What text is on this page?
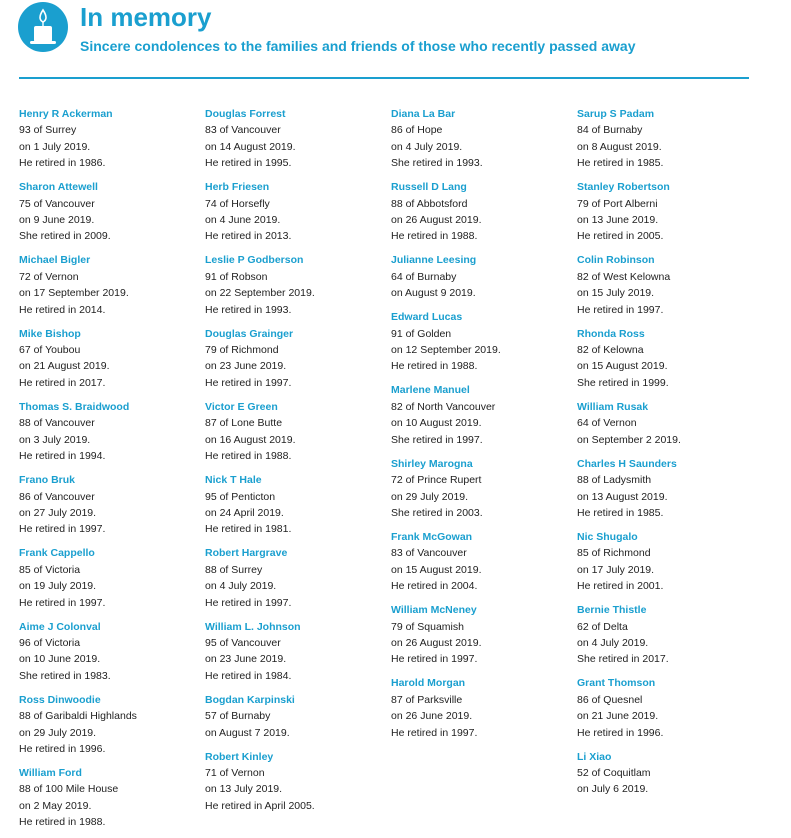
In memory
Sincere condolences to the families and friends of those who recently passed away
Henry R Ackerman
93 of Surrey
on 1 July 2019.
He retired in 1986.
Sharon Attewell
75 of Vancouver
on 9 June 2019.
She retired in 2009.
Michael Bigler
72 of Vernon
on 17 September 2019.
He retired in 2014.
Mike Bishop
67 of Youbou
on 21 August 2019.
He retired in 2017.
Thomas S. Braidwood
88 of Vancouver
on 3 July 2019.
He retired in 1994.
Frano Bruk
86 of Vancouver
on 27 July 2019.
He retired in 1997.
Frank Cappello
85 of Victoria
on 19 July 2019.
He retired in 1997.
Aime J Colonval
96 of Victoria
on 10 June 2019.
She retired in 1983.
Ross Dinwoodie
88 of Garibaldi Highlands
on 29 July 2019.
He retired in 1996.
William Ford
88 of 100 Mile House
on 2 May 2019.
He retired in 1988.
Douglas Forrest
83 of Vancouver
on 14 August 2019.
He retired in 1995.
Herb Friesen
74 of Horsefly
on 4 June 2019.
He retired in 2013.
Leslie P Godberson
91 of Robson
on 22 September 2019.
He retired in 1993.
Douglas Grainger
79 of Richmond
on 23 June 2019.
He retired in 1997.
Victor E Green
87 of Lone Butte
on 16 August 2019.
He retired in 1988.
Nick T Hale
95 of Penticton
on 24 April 2019.
He retired in 1981.
Robert Hargrave
88 of Surrey
on 4 July 2019.
He retired in 1997.
William L. Johnson
95 of Vancouver
on 23 June 2019.
He retired in 1984.
Bogdan Karpinski
57 of Burnaby
on August 7 2019.
Robert Kinley
71 of Vernon
on 13 July 2019.
He retired in April 2005.
Diana La Bar
86 of Hope
on 4 July 2019.
She retired in 1993.
Russell D Lang
88 of Abbotsford
on 26 August 2019.
He retired in 1988.
Julianne Leesing
64 of Burnaby
on August 9 2019.
Edward Lucas
91 of Golden
on 12 September 2019.
He retired in 1988.
Marlene Manuel
82 of North Vancouver
on 10 August 2019.
She retired in 1997.
Shirley Marogna
72 of Prince Rupert
on 29 July 2019.
She retired in 2003.
Frank McGowan
83 of Vancouver
on 15 August 2019.
He retired in 2004.
William McNeney
79 of Squamish
on 26 August 2019.
He retired in 1997.
Harold Morgan
87 of Parksville
on 26 June 2019.
He retired in 1997.
Sarup S Padam
84 of Burnaby
on 8 August 2019.
He retired in 1985.
Stanley Robertson
79 of Port Alberni
on 13 June 2019.
He retired in 2005.
Colin Robinson
82 of West Kelowna
on 15 July 2019.
He retired in 1997.
Rhonda Ross
82 of Kelowna
on 15 August 2019.
She retired in 1999.
William Rusak
64 of Vernon
on September 2 2019.
Charles H Saunders
88 of Ladysmith
on 13 August 2019.
He retired in 1985.
Nic Shugalo
85 of Richmond
on 17 July 2019.
He retired in 2001.
Bernie Thistle
62 of Delta
on 4 July 2019.
She retired in 2017.
Grant Thomson
86 of Quesnel
on 21 June 2019.
He retired in 1996.
Li Xiao
52 of Coquitlam
on July 6 2019.
